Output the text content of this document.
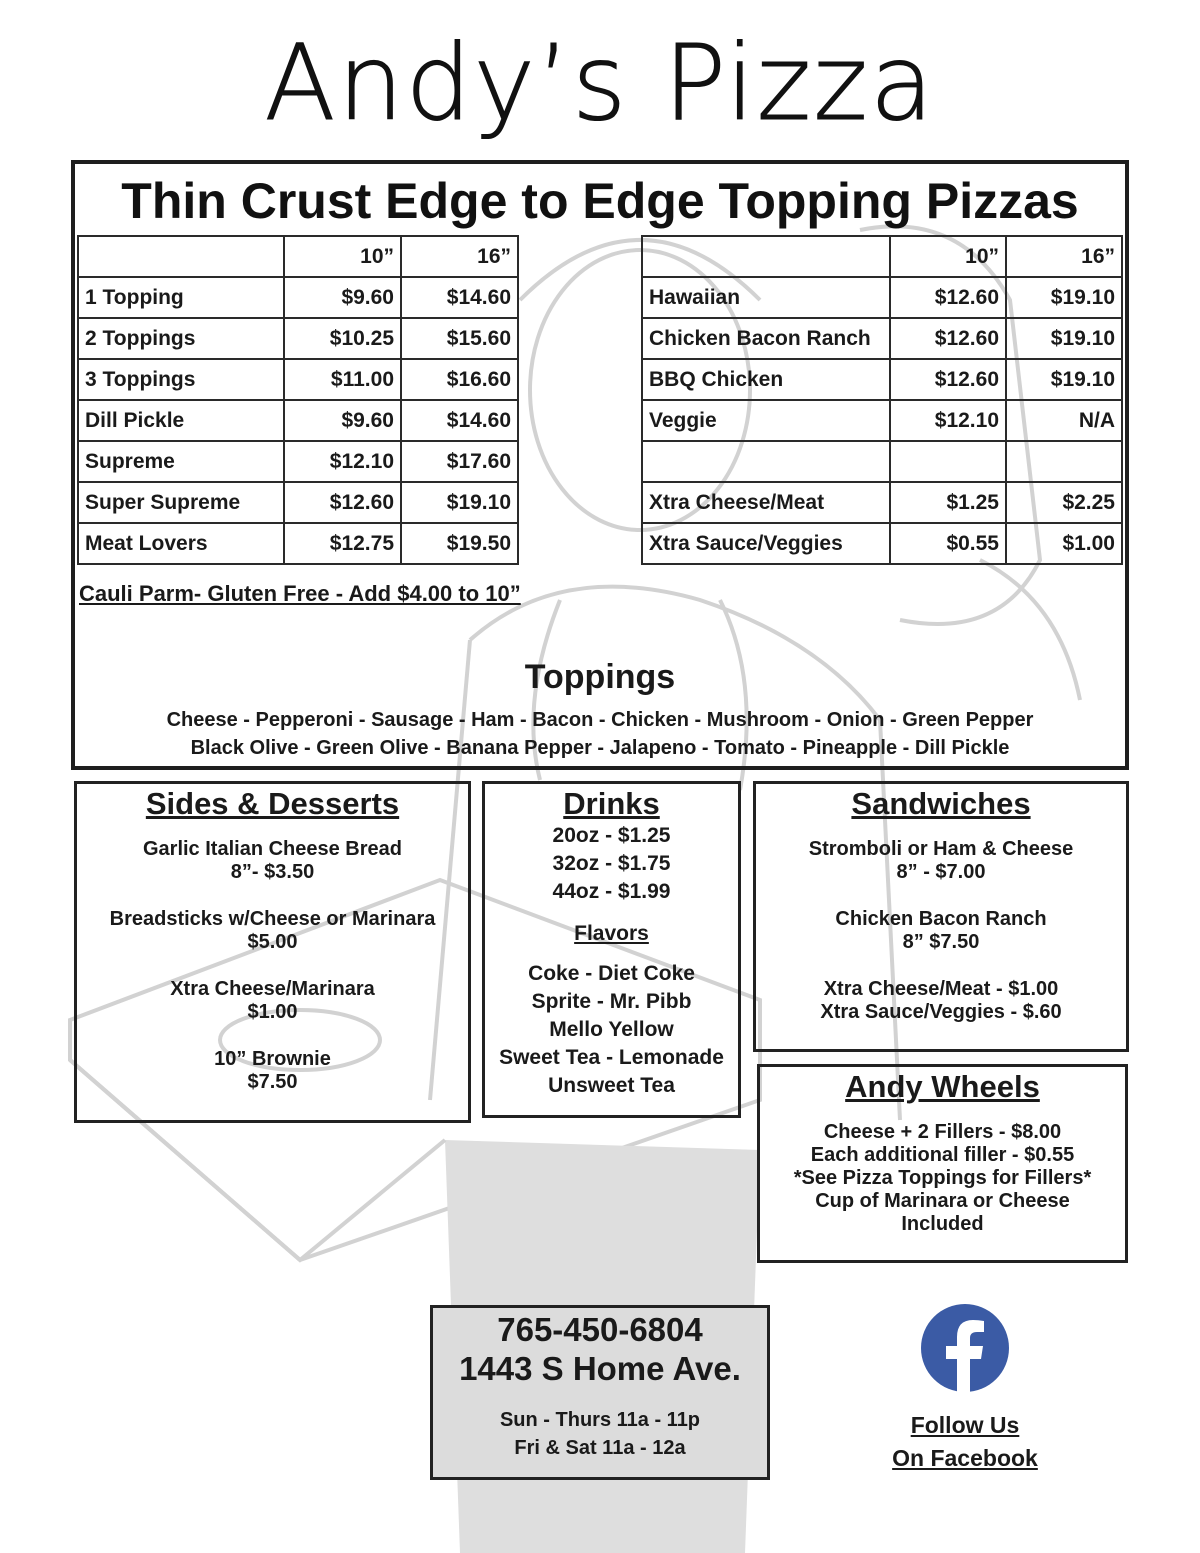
Andy’s Pizza
Thin Crust Edge to Edge Topping Pizzas
	10”	16”
1 Topping	$9.60	$14.60
2 Toppings	$10.25	$15.60
3 Toppings	$11.00	$16.60
Dill Pickle	$9.60	$14.60
Supreme	$12.10	$17.60
Super Supreme	$12.60	$19.10
Meat Lovers	$12.75	$19.50
	10”	16”
Hawaiian	$12.60	$19.10
Chicken Bacon Ranch	$12.60	$19.10
BBQ Chicken	$12.60	$19.10
Veggie	$12.10	N/A

Xtra Cheese/Meat	$1.25	$2.25
Xtra Sauce/Veggies	$0.55	$1.00
Cauli Parm- Gluten Free - Add $4.00 to 10”
Toppings
Cheese - Pepperoni - Sausage - Ham - Bacon - Chicken - Mushroom - Onion - Green Pepper
Black Olive - Green Olive - Banana Pepper - Jalapeno - Tomato - Pineapple - Dill Pickle
Sides & Desserts
Garlic Italian Cheese Bread
8”- $3.50
Breadsticks w/Cheese or Marinara
$5.00
Xtra Cheese/Marinara
$1.00
10” Brownie
$7.50
Drinks
20oz - $1.25
32oz - $1.75
44oz - $1.99
Flavors
Coke - Diet Coke
Sprite - Mr. Pibb
Mello Yellow
Sweet Tea - Lemonade
Unsweet Tea
Sandwiches
Stromboli or Ham & Cheese
8” - $7.00
Chicken Bacon Ranch
8” $7.50
Xtra Cheese/Meat - $1.00
Xtra Sauce/Veggies - $.60
Andy Wheels
Cheese + 2 Fillers - $8.00
Each additional filler - $0.55
*See Pizza Toppings for Fillers*
Cup of Marinara or Cheese
Included
765-450-6804
1443 S Home Ave.
Sun - Thurs 11a - 11p
Fri & Sat 11a - 12a
Follow Us
On Facebook
